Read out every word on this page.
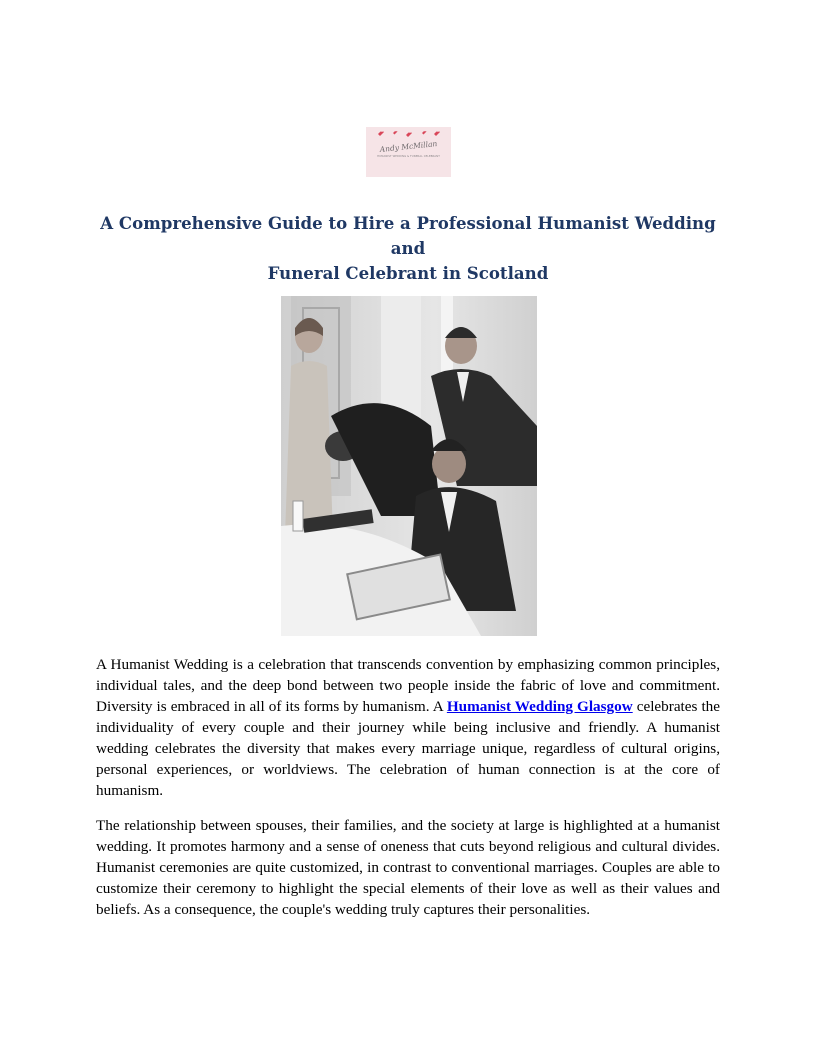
Andy McMillan
HUMANIST WEDDING & FUNERAL CELEBRANT
A Comprehensive Guide to Hire a Professional Humanist Wedding and
Funeral Celebrant in Scotland

A Humanist Wedding is a celebration that transcends convention by emphasizing common principles, individual tales, and the deep bond between two people inside the fabric of love and commitment. Diversity is embraced in all of its forms by humanism. A Humanist Wedding Glasgow celebrates the individuality of every couple and their journey while being inclusive and friendly. A humanist wedding celebrates the diversity that makes every marriage unique, regardless of cultural origins, personal experiences, or worldviews. The celebration of human connection is at the core of humanism.

The relationship between spouses, their families, and the society at large is highlighted at a humanist wedding. It promotes harmony and a sense of oneness that cuts beyond religious and cultural divides. Humanist ceremonies are quite customized, in contrast to conventional marriages. Couples are able to customize their ceremony to highlight the special elements of their love as well as their values and beliefs. As a consequence, the couple's wedding truly captures their personalities.
